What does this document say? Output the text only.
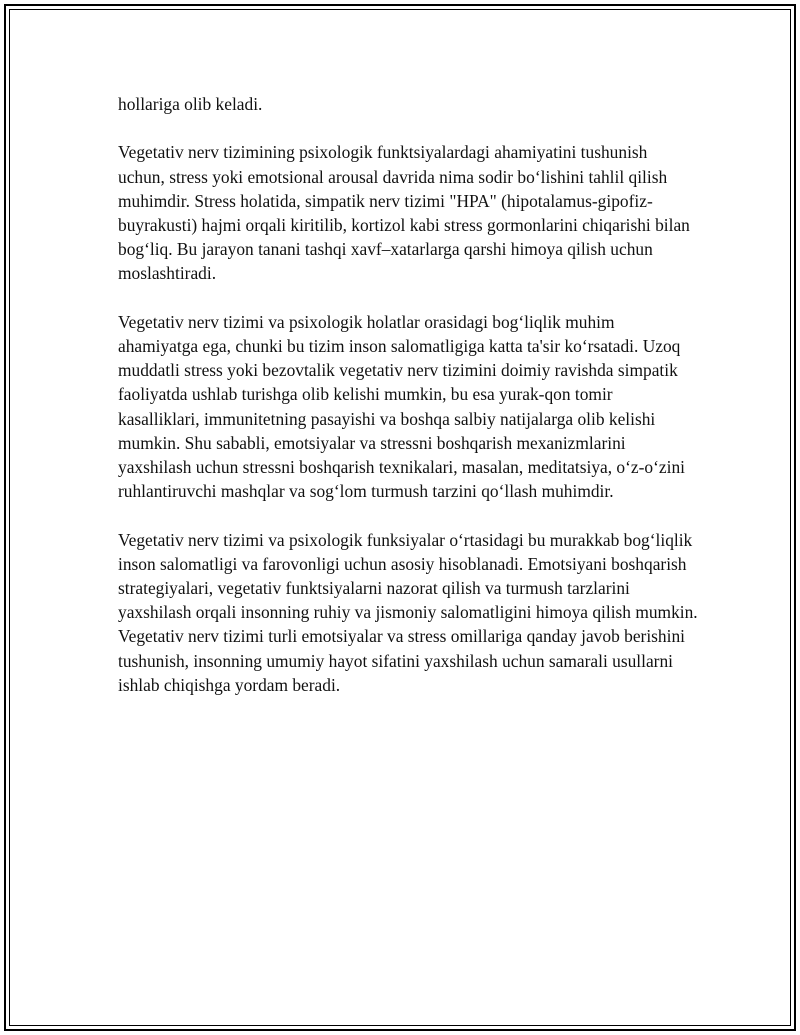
hollariga olib keladi.

Vegetativ nerv tizimining psixologik funktsiyalardagi ahamiyatini tushunish uchun, stress yoki emotsional arousal davrida nima sodir bo‘lishini tahlil qilish muhimdir. Stress holatida, simpatik nerv tizimi "HPA" (hipotalamus-gipofiz-buyrakusti) hajmi orqali kiritilib, kortizol kabi stress gormonlarini chiqarishi bilan bog‘liq. Bu jarayon tanani tashqi xavf–xatarlarga qarshi himoya qilish uchun moslashtiradi.

Vegetativ nerv tizimi va psixologik holatlar orasidagi bog‘liqlik muhim ahamiyatga ega, chunki bu tizim inson salomatligiga katta ta'sir ko‘rsatadi. Uzoq muddatli stress yoki bezovtalik vegetativ nerv tizimini doimiy ravishda simpatik faoliyatda ushlab turishga olib kelishi mumkin, bu esa yurak-qon tomir kasalliklari, immunitetning pasayishi va boshqa salbiy natijalarga olib kelishi mumkin. Shu sababli, emotsiyalar va stressni boshqarish mexanizmlarini yaxshilash uchun stressni boshqarish texnikalari, masalan, meditatsiya, o‘z-o‘zini ruhlantiruvchi mashqlar va sog‘lom turmush tarzini qo‘llash muhimdir.

Vegetativ nerv tizimi va psixologik funksiyalar o‘rtasidagi bu murakkab bog‘liqlik inson salomatligi va farovonligi uchun asosiy hisoblanadi. Emotsiyani boshqarish strategiyalari, vegetativ funktsiyalarni nazorat qilish va turmush tarzlarini yaxshilash orqali insonning ruhiy va jismoniy salomatligini himoya qilish mumkin. Vegetativ nerv tizimi turli emotsiyalar va stress omillariga qanday javob berishini tushunish, insonning umumiy hayot sifatini yaxshilash uchun samarali usullarni ishlab chiqishga yordam beradi.
